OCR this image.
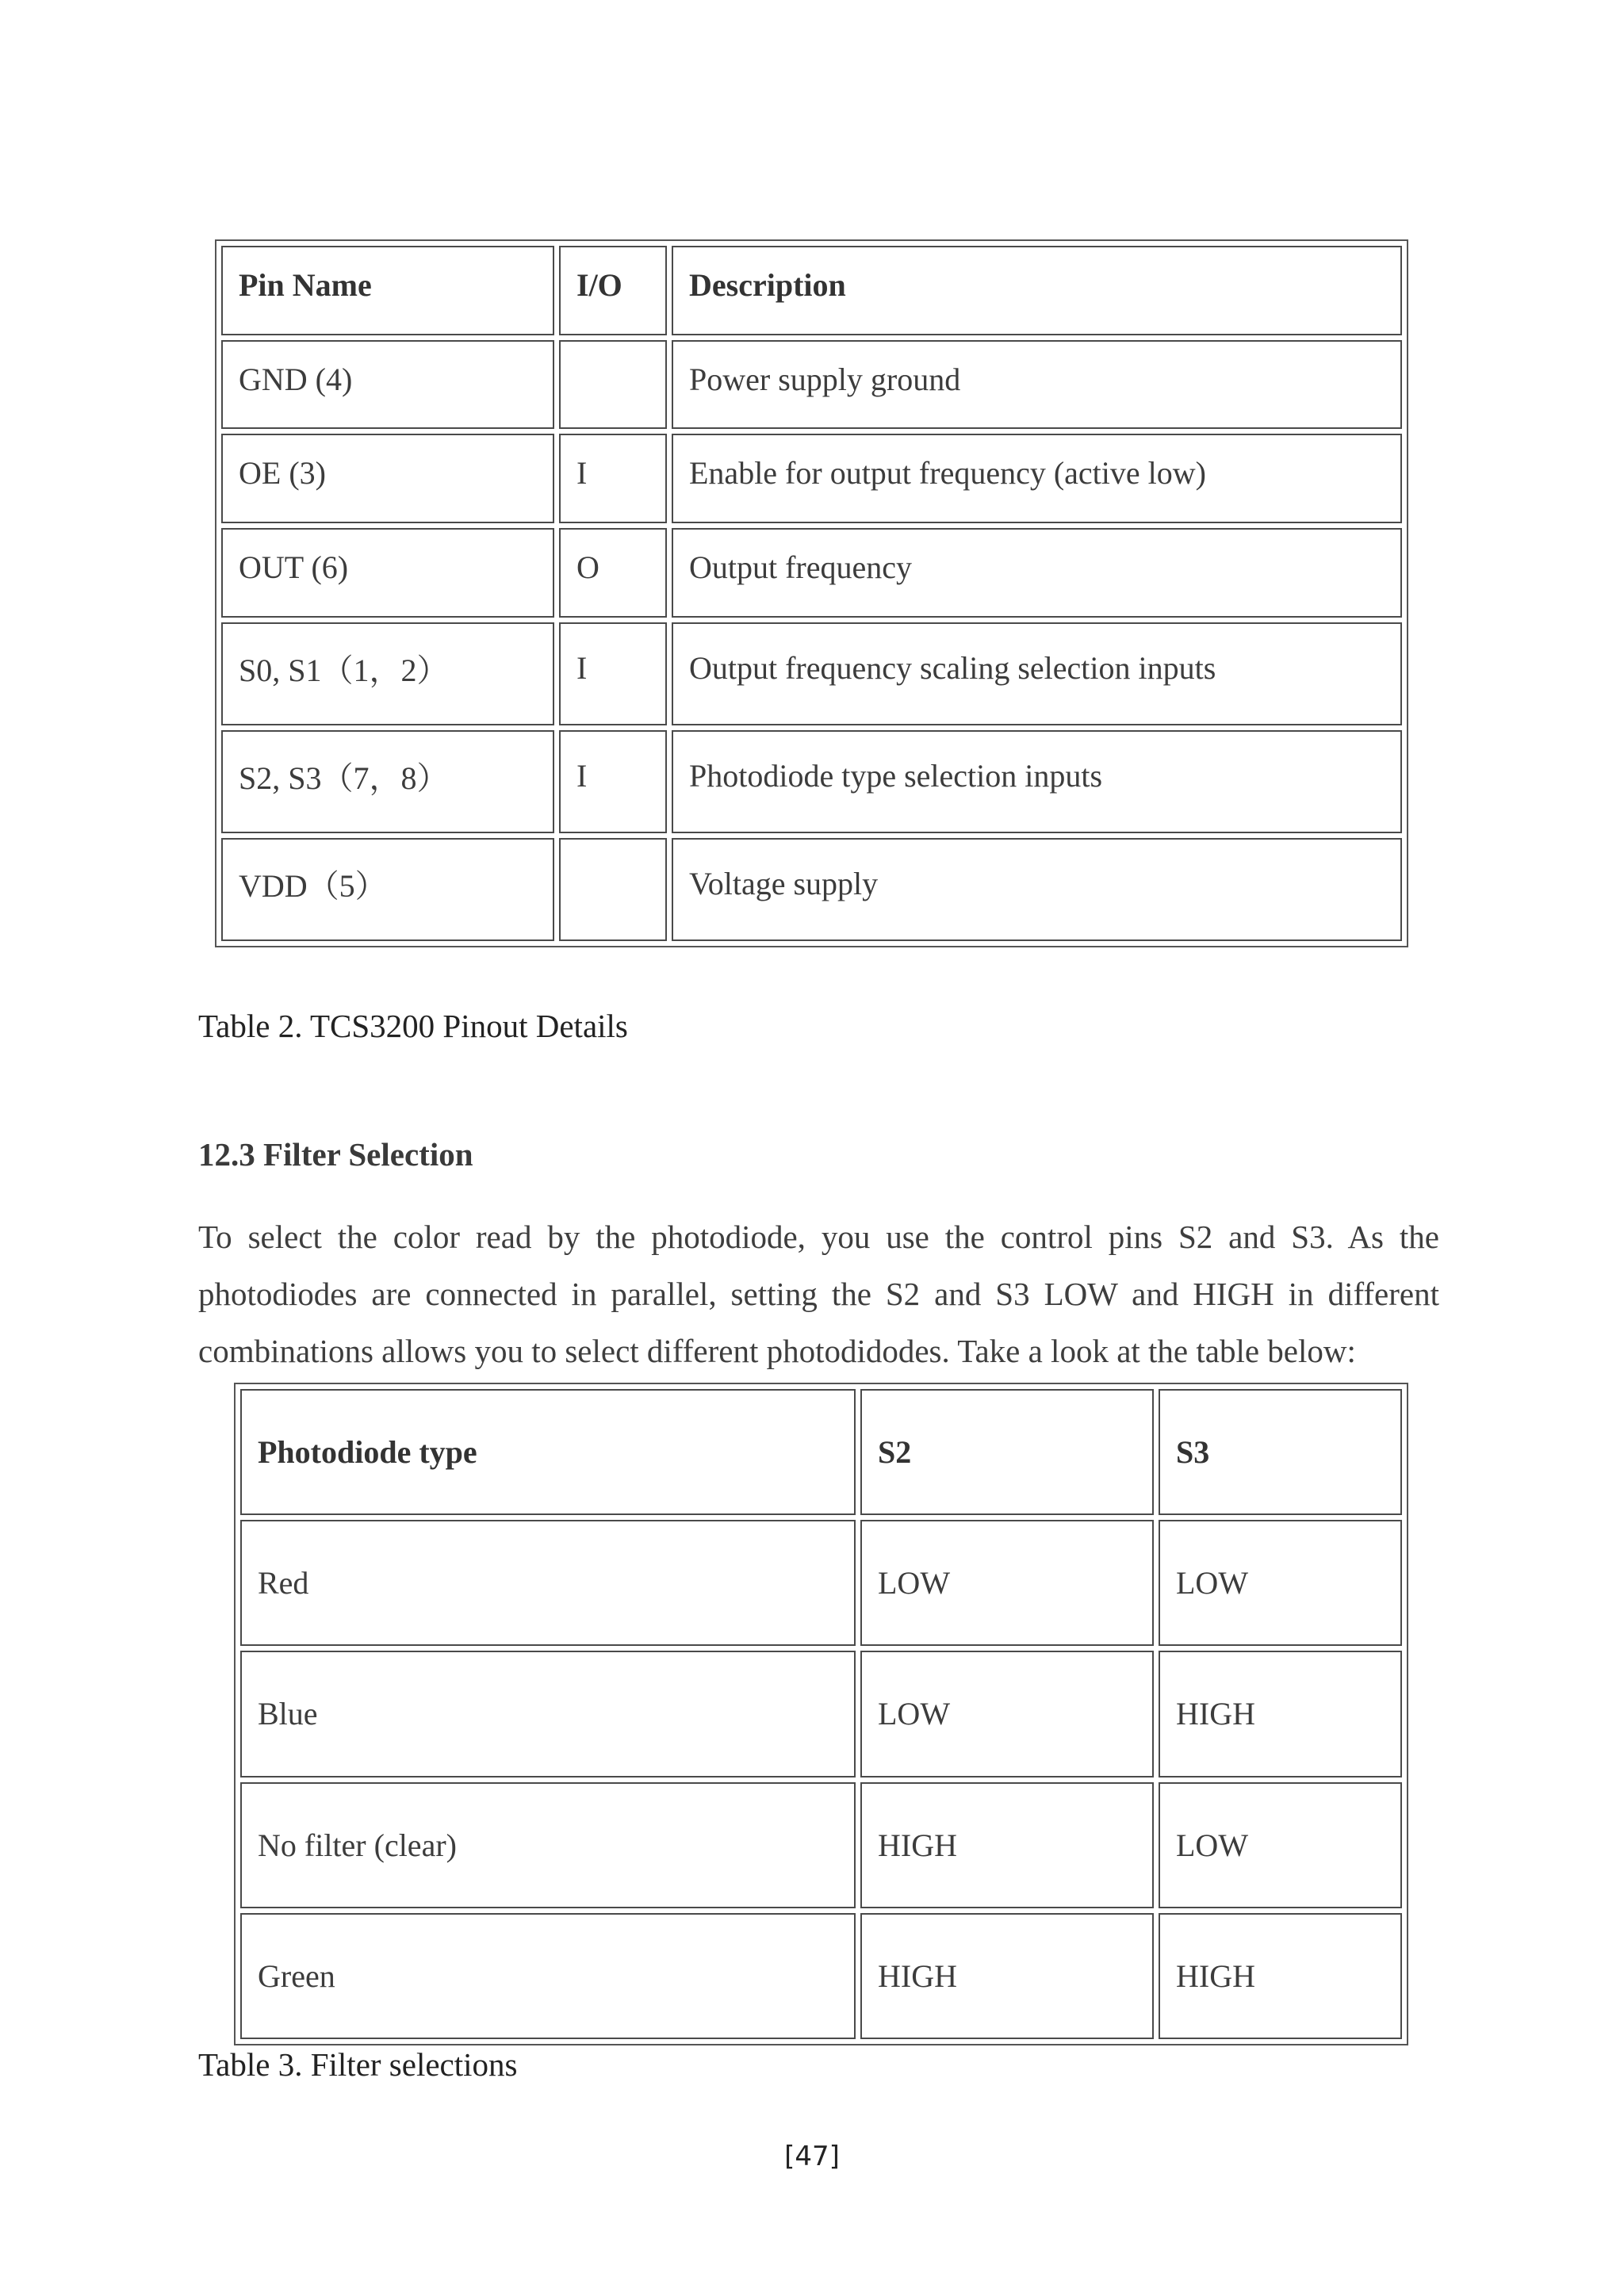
Pin Name	I/O	Description
GND (4)		Power supply ground
OE (3)	I	Enable for output frequency (active low)
OUT (6)	O	Output frequency
S0, S1（1，2）	I	Output frequency scaling selection inputs
S2, S3（7，8）	I	Photodiode type selection inputs
VDD（5）		Voltage supply
Table 2. TCS3200 Pinout Details
12.3 Filter Selection
To select the color read by the photodiode, you use the control pins S2 and S3. As the photodiodes are connected in parallel, setting the S2 and S3 LOW and HIGH in different combinations allows you to select different photodidodes. Take a look at the table below:
Photodiode type	S2	S3
Red	LOW	LOW
Blue	LOW	HIGH
No filter (clear)	HIGH	LOW
Green	HIGH	HIGH
Table 3. Filter selections
[47]
